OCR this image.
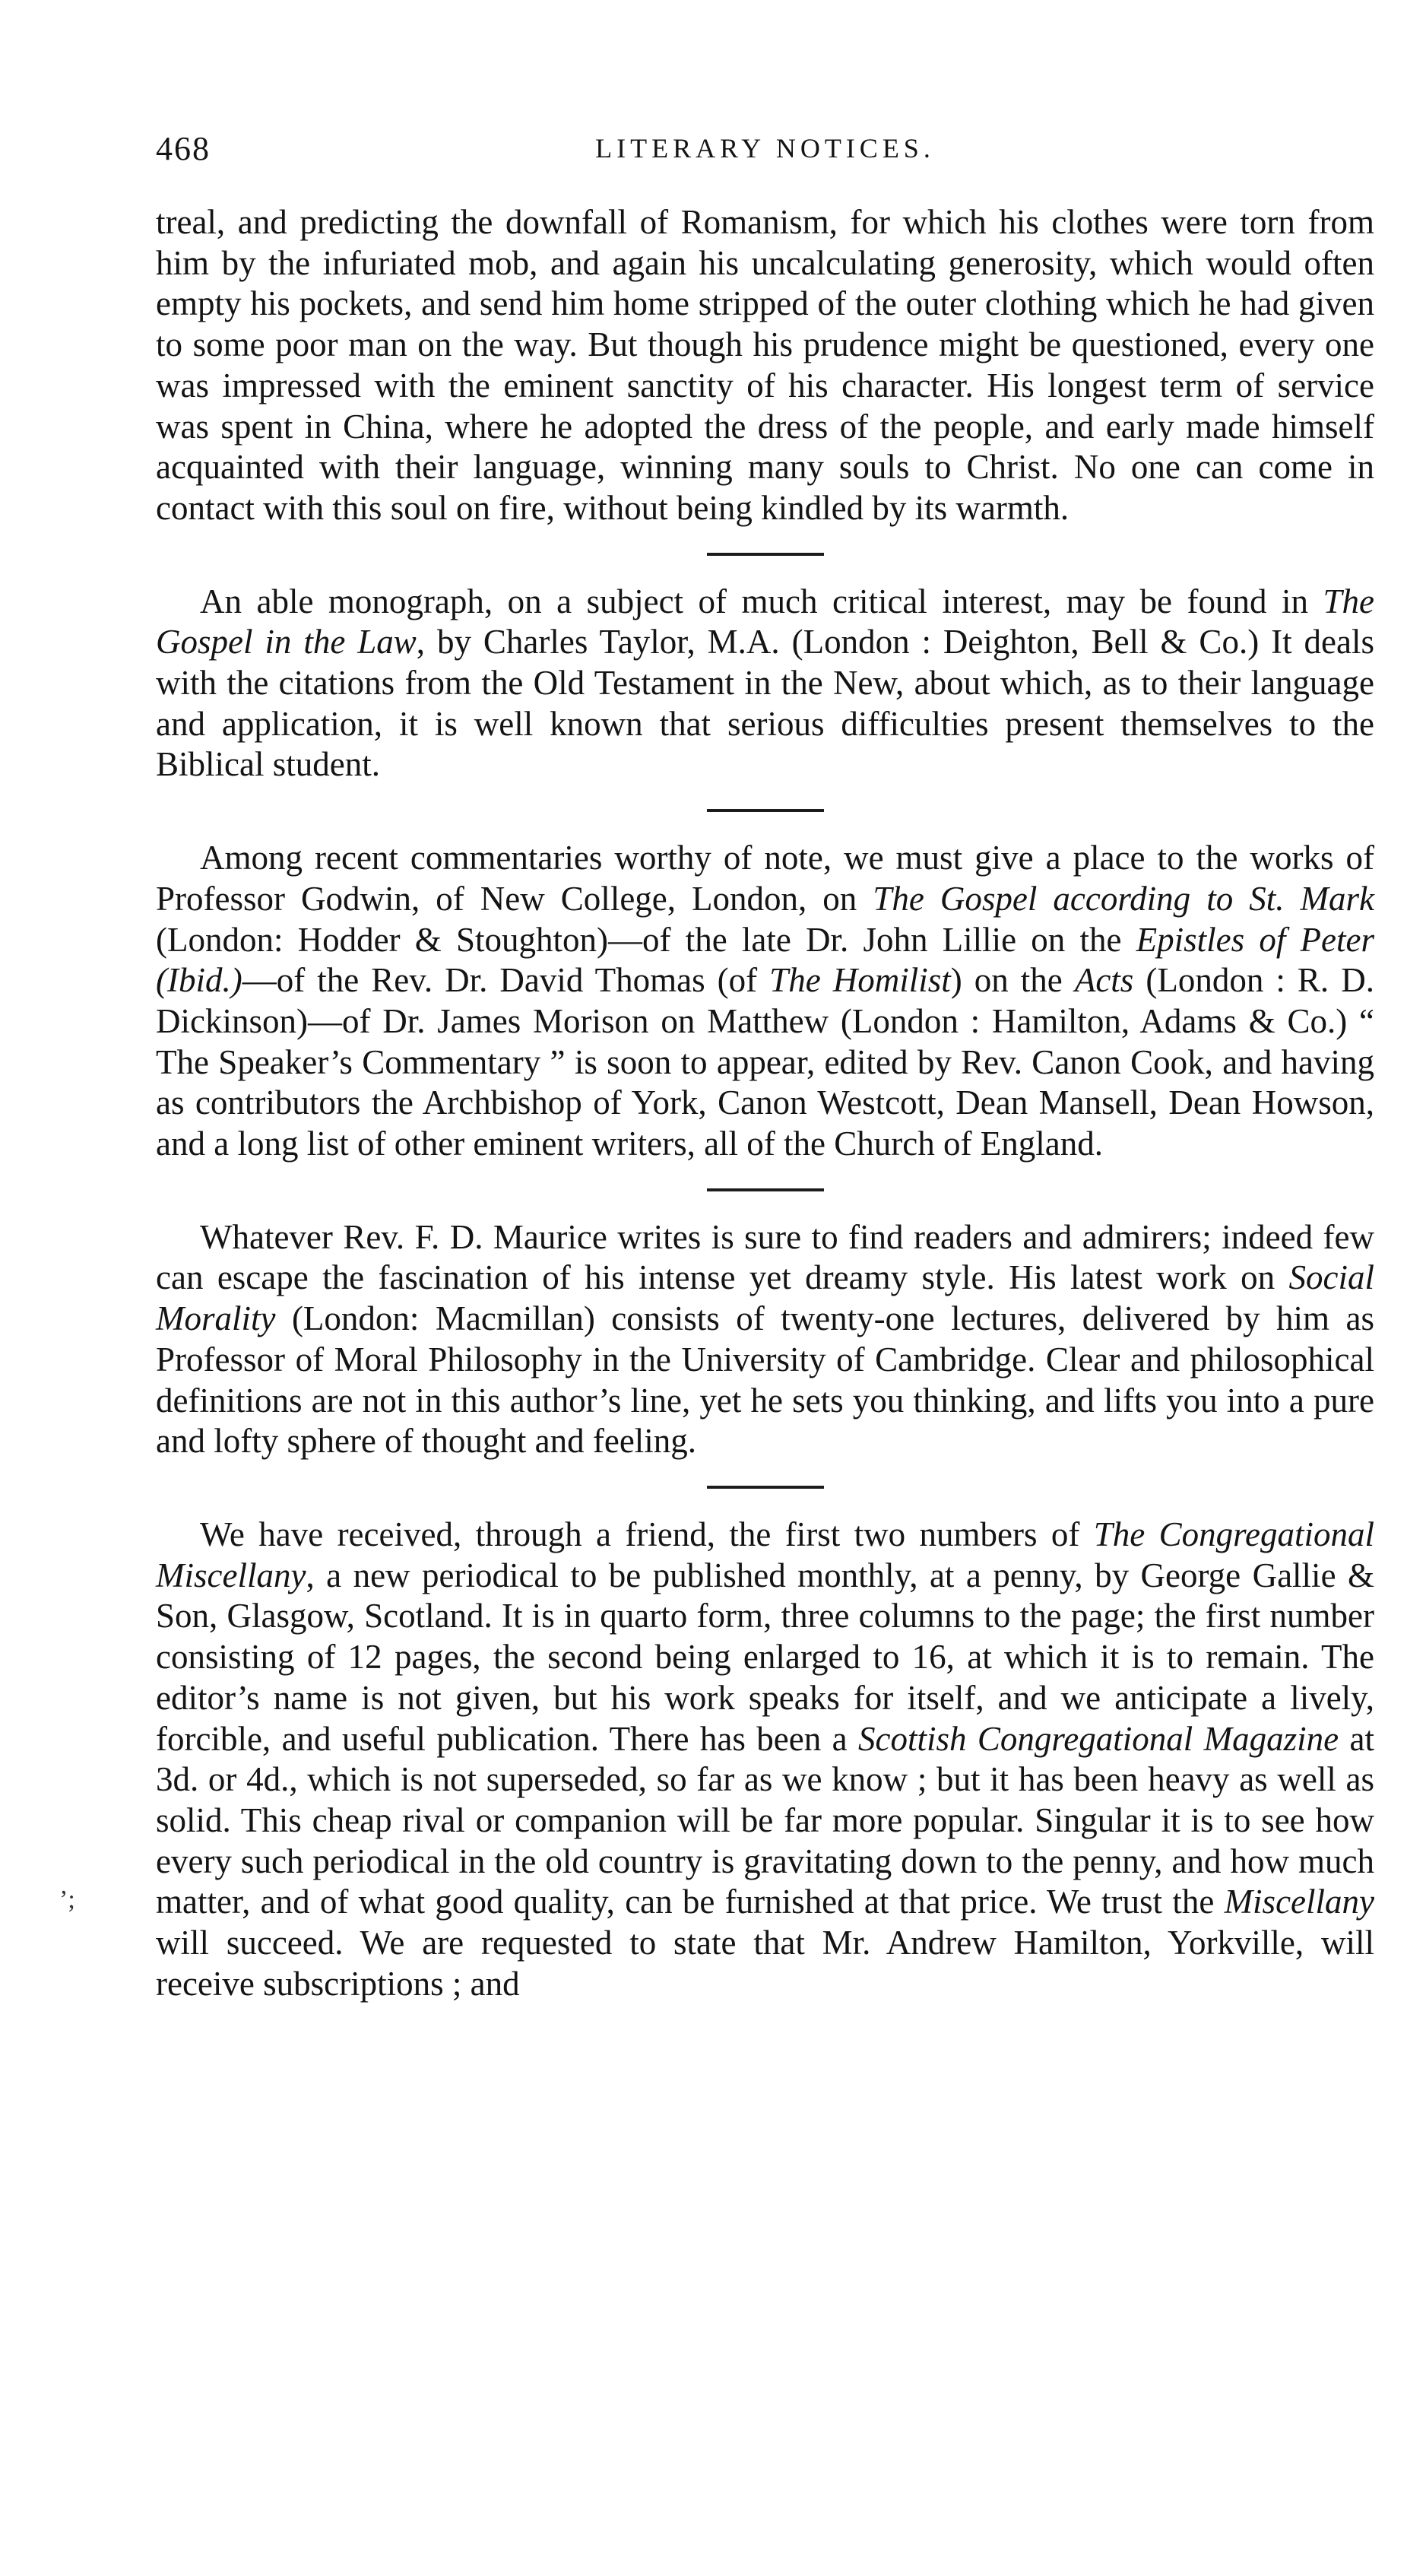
468	LITERARY NOTICES.

treal, and predicting the downfall of Romanism, for which his clothes were torn from him by the infuriated mob, and again his uncalculating generosity, which would often empty his pockets, and send him home stripped of the outer clothing which he had given to some poor man on the way. But though his prudence might be questioned, every one was impressed with the eminent sanctity of his character. His longest term of service was spent in China, where he adopted the dress of the people, and early made himself acquainted with their language, winning many souls to Christ. No one can come in contact with this soul on fire, without being kindled by its warmth.

An able monograph, on a subject of much critical interest, may be found in The Gospel in the Law, by Charles Taylor, M.A. (London : Deighton, Bell & Co.) It deals with the citations from the Old Testament in the New, about which, as to their language and application, it is well known that serious difficulties present themselves to the Biblical student.

Among recent commentaries worthy of note, we must give a place to the works of Professor Godwin, of New College, London, on The Gospel according to St. Mark (London: Hodder & Stoughton)—of the late Dr. John Lillie on the Epistles of Peter (Ibid.)—of the Rev. Dr. David Thomas (of The Homilist) on the Acts (London : R. D. Dickinson)—of Dr. James Morison on Matthew (London : Hamilton, Adams & Co.) “ The Speaker’s Commentary ” is soon to appear, edited by Rev. Canon Cook, and having as contributors the Archbishop of York, Canon Westcott, Dean Mansell, Dean Howson, and a long list of other eminent writers, all of the Church of England.

Whatever Rev. F. D. Maurice writes is sure to find readers and admirers; indeed few can escape the fascination of his intense yet dreamy style. His latest work on Social Morality (London: Macmillan) consists of twenty-one lectures, delivered by him as Professor of Moral Philosophy in the University of Cambridge. Clear and philosophical definitions are not in this author’s line, yet he sets you thinking, and lifts you into a pure and lofty sphere of thought and feeling.

We have received, through a friend, the first two numbers of The Congregational Miscellany, a new periodical to be published monthly, at a penny, by George Gallie & Son, Glasgow, Scotland. It is in quarto form, three columns to the page; the first number consisting of 12 pages, the second being enlarged to 16, at which it is to remain. The editor’s name is not given, but his work speaks for itself, and we anticipate a lively, forcible, and useful publication. There has been a Scottish Congregational Magazine at 3d. or 4d., which is not superseded, so far as we know ; but it has been heavy as well as solid. This cheap rival or companion will be far more popular. Singular it is to see how every such periodical in the old country is gravitating down to the penny, and how much matter, and of what good quality, can be furnished at that price. We trust the Miscellany will succeed. We are requested to state that Mr. Andrew Hamilton, Yorkville, will receive subscriptions ; and

’;
